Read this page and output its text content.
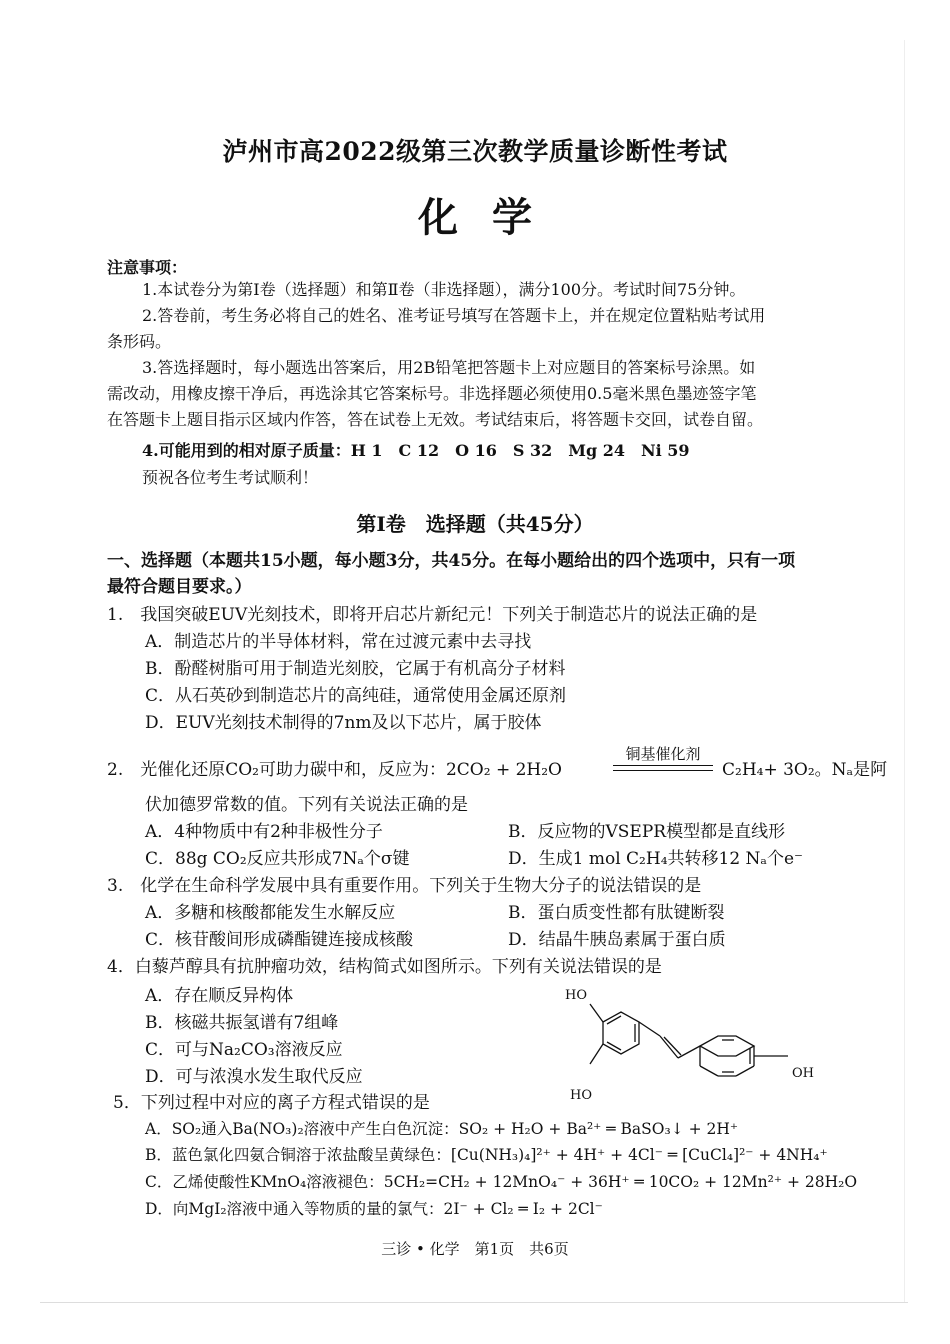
泸州市高2022级第三次教学质量诊断性考试
化学
注意事项：
1.本试卷分为第Ⅰ卷（选择题）和第Ⅱ卷（非选择题），满分100分。考试时间75分钟。
2.答卷前，考生务必将自己的姓名、准考证号填写在答题卡上，并在规定位置粘贴考试用
条形码。
3.答选择题时，每小题选出答案后，用2B铅笔把答题卡上对应题目的答案标号涂黑。如
需改动，用橡皮擦干净后，再选涂其它答案标号。非选择题必须使用0.5毫米黑色墨迹签字笔
在答题卡上题目指示区域内作答，答在试卷上无效。考试结束后，将答题卡交回，试卷自留。
4.可能用到的相对原子质量：H 1　C 12　O 16　S 32　Mg 24　Ni 59
预祝各位考生考试顺利！
第Ⅰ卷　选择题（共45分）
一、选择题（本题共15小题，每小题3分，共45分。在每小题给出的四个选项中，只有一项
最符合题目要求。）
1.　我国突破EUV光刻技术，即将开启芯片新纪元！下列关于制造芯片的说法正确的是
A．制造芯片的半导体材料，常在过渡元素中去寻找
B．酚醛树脂可用于制造光刻胶，它属于有机高分子材料
C．从石英砂到制造芯片的高纯硅，通常使用金属还原剂
D．EUV光刻技术制得的7nm及以下芯片，属于胶体
2.　光催化还原CO₂可助力碳中和，反应为：2CO₂ + 2H₂O
铜基催化剂
C₂H₄+ 3O₂。Nₐ是阿
伏加德罗常数的值。下列有关说法正确的是
A．4种物质中有2种非极性分子	B．反应物的VSEPR模型都是直线形
C．88g CO₂反应共形成7Nₐ个σ键	D．生成1 mol C₂H₄共转移12 Nₐ个e⁻
3.　化学在生命科学发展中具有重要作用。下列关于生物大分子的说法错误的是
A．多糖和核酸都能发生水解反应	B．蛋白质变性都有肽键断裂
C．核苷酸间形成磷酯键连接成核酸	D．结晶牛胰岛素属于蛋白质
4．白藜芦醇具有抗肿瘤功效，结构简式如图所示。下列有关说法错误的是
A．存在顺反异构体
B．核磁共振氢谱有7组峰
C．可与Na₂CO₃溶液反应
D．可与浓溴水发生取代反应
HO
HO
OH
5．下列过程中对应的离子方程式错误的是
A．SO₂通入Ba(NO₃)₂溶液中产生白色沉淀：SO₂ + H₂O + Ba²⁺ ═ BaSO₃↓ + 2H⁺
B．蓝色氯化四氨合铜溶于浓盐酸呈黄绿色：[Cu(NH₃)₄]²⁺ + 4H⁺ + 4Cl⁻ ═ [CuCl₄]²⁻ + 4NH₄⁺
C．乙烯使酸性KMnO₄溶液褪色：5CH₂=CH₂ + 12MnO₄⁻ + 36H⁺ ═ 10CO₂ + 12Mn²⁺ + 28H₂O
D．向MgI₂溶液中通入等物质的量的氯气：2I⁻ + Cl₂ ═ I₂ + 2Cl⁻
三诊 • 化学　第1页　共6页
